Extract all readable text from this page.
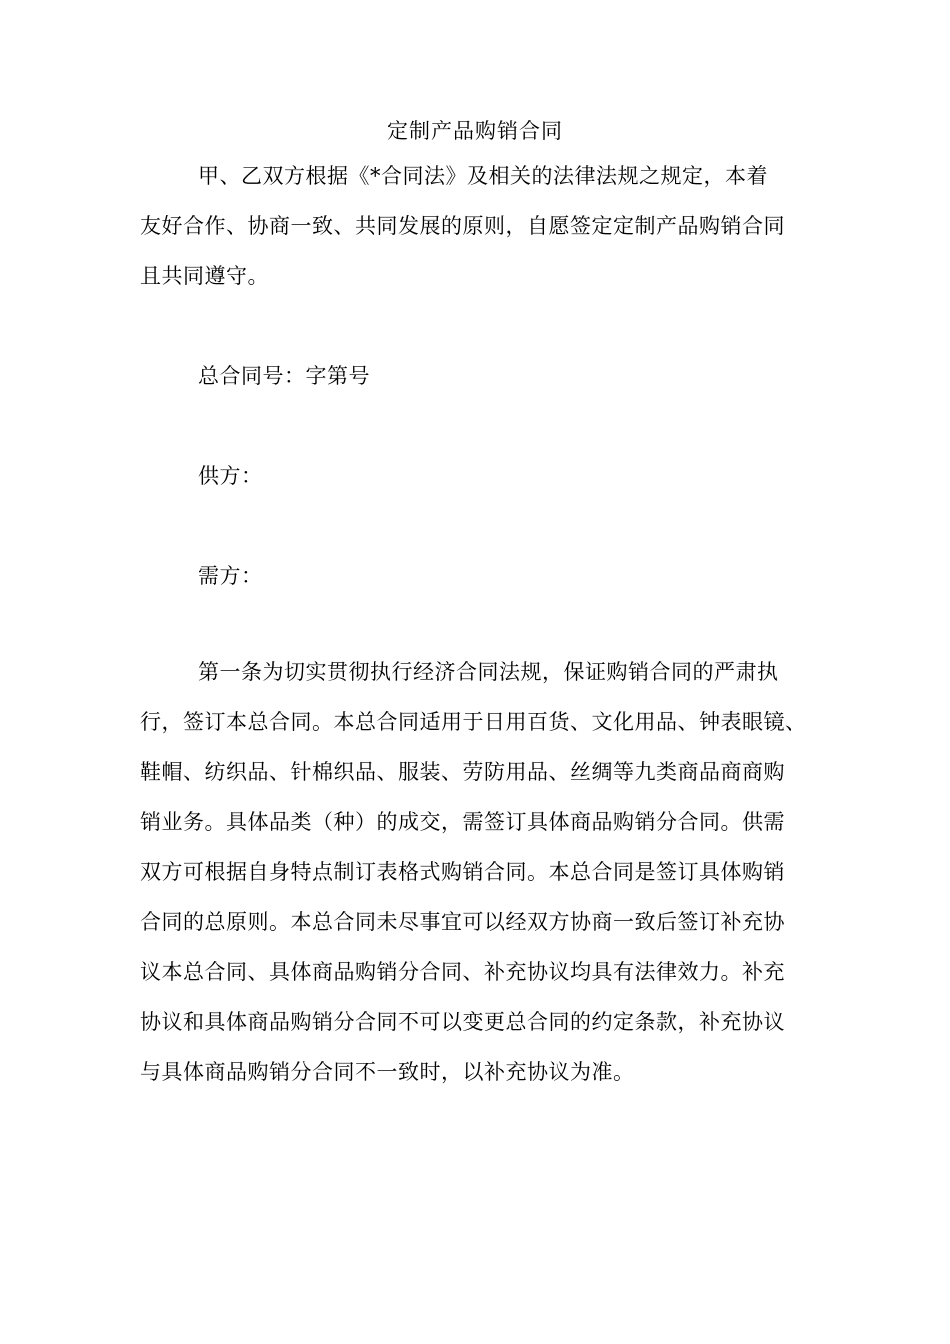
定制产品购销合同
甲、乙双方根据《*合同法》及相关的法律法规之规定，本着
友好合作、协商一致、共同发展的原则，自愿签定定制产品购销合同
且共同遵守。
总合同号：字第号
供方：
需方：
第一条为切实贯彻执行经济合同法规，保证购销合同的严肃执
行，签订本总合同。本总合同适用于日用百货、文化用品、钟表眼镜、
鞋帽、纺织品、针棉织品、服装、劳防用品、丝绸等九类商品商商购
销业务。具体品类（种）的成交，需签订具体商品购销分合同。供需
双方可根据自身特点制订表格式购销合同。本总合同是签订具体购销
合同的总原则。本总合同未尽事宜可以经双方协商一致后签订补充协
议本总合同、具体商品购销分合同、补充协议均具有法律效力。补充
协议和具体商品购销分合同不可以变更总合同的约定条款，补充协议
与具体商品购销分合同不一致时，以补充协议为准。
